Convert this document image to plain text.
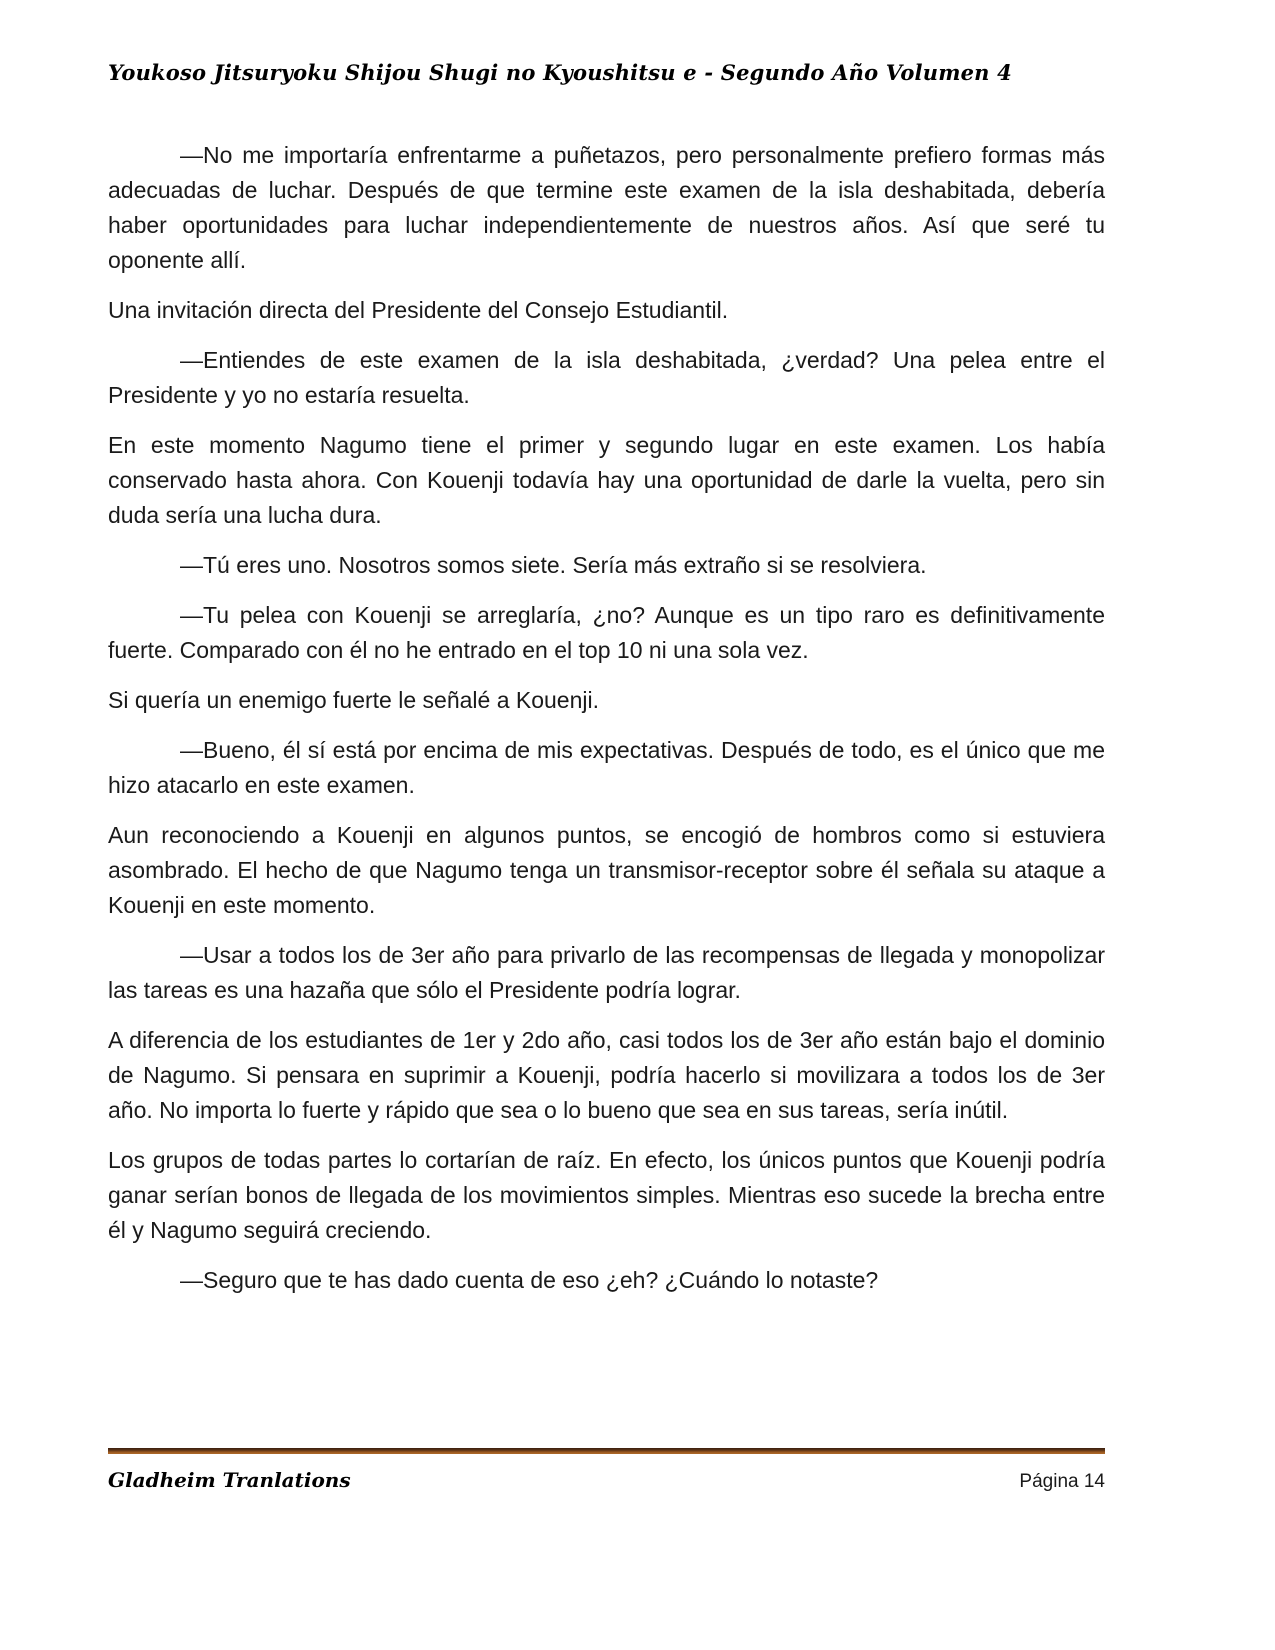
Youkoso Jitsuryoku Shijou Shugi no Kyoushitsu e - Segundo Año Volumen 4

—No me importaría enfrentarme a puñetazos, pero personalmente prefiero formas más adecuadas de luchar. Después de que termine este examen de la isla deshabitada, debería haber oportunidades para luchar independientemente de nuestros años. Así que seré tu oponente allí.

Una invitación directa del Presidente del Consejo Estudiantil.

—Entiendes de este examen de la isla deshabitada, ¿verdad? Una pelea entre el Presidente y yo no estaría resuelta.

En este momento Nagumo tiene el primer y segundo lugar en este examen. Los había conservado hasta ahora. Con Kouenji todavía hay una oportunidad de darle la vuelta, pero sin duda sería una lucha dura.

—Tú eres uno. Nosotros somos siete. Sería más extraño si se resolviera.

—Tu pelea con Kouenji se arreglaría, ¿no? Aunque es un tipo raro es definitivamente fuerte. Comparado con él no he entrado en el top 10 ni una sola vez.

Si quería un enemigo fuerte le señalé a Kouenji.

—Bueno, él sí está por encima de mis expectativas. Después de todo, es el único que me hizo atacarlo en este examen.

Aun reconociendo a Kouenji en algunos puntos, se encogió de hombros como si estuviera asombrado. El hecho de que Nagumo tenga un transmisor-receptor sobre él señala su ataque a Kouenji en este momento.

—Usar a todos los de 3er año para privarlo de las recompensas de llegada y monopolizar las tareas es una hazaña que sólo el Presidente podría lograr.

A diferencia de los estudiantes de 1er y 2do año, casi todos los de 3er año están bajo el dominio de Nagumo. Si pensara en suprimir a Kouenji, podría hacerlo si movilizara a todos los de 3er año. No importa lo fuerte y rápido que sea o lo bueno que sea en sus tareas, sería inútil.

Los grupos de todas partes lo cortarían de raíz. En efecto, los únicos puntos que Kouenji podría ganar serían bonos de llegada de los movimientos simples. Mientras eso sucede la brecha entre él y Nagumo seguirá creciendo.

—Seguro que te has dado cuenta de eso ¿eh? ¿Cuándo lo notaste?

Gladheim Tranlations	Página 14
